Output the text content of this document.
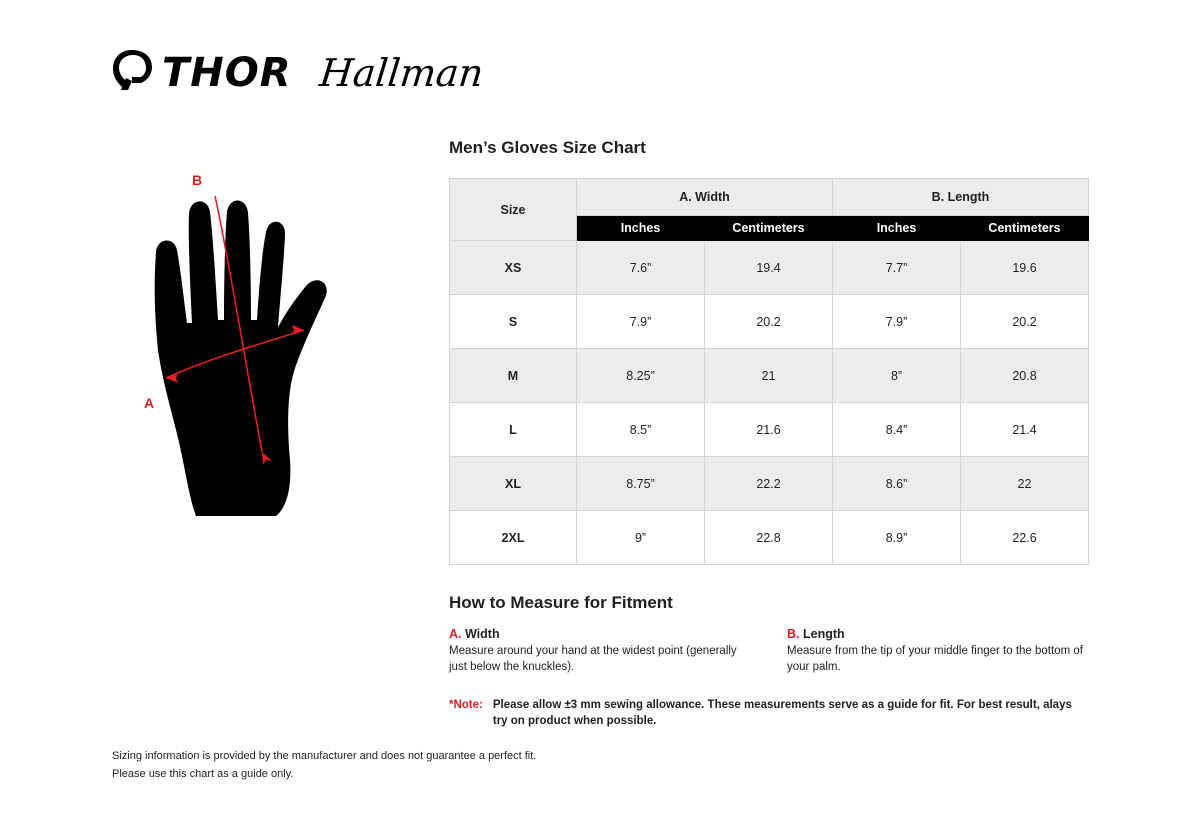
THOR Hallman
B
A
Men’s Gloves Size Chart
Size	A. Width		B. Length	
	Inches	Centimeters	Inches	Centimeters
XS	7.6”	19.4	7.7”	19.6
S	7.9”	20.2	7.9”	20.2
M	8.25”	21	8”	20.8
L	8.5”	21.6	8.4”	21.4
XL	8.75”	22.2	8.6”	22
2XL	9”	22.8	8.9”	22.6
How to Measure for Fitment
A. Width
Measure around your hand at the widest point (generally just below the knuckles).
B. Length
Measure from the tip of your middle finger to the bottom of your palm.
*Note: Please allow ±3 mm sewing allowance. These measurements serve as a guide for fit. For best result, alays try on product when possible.
Sizing information is provided by the manufacturer and does not guarantee a perfect fit.
Please use this chart as a guide only.
